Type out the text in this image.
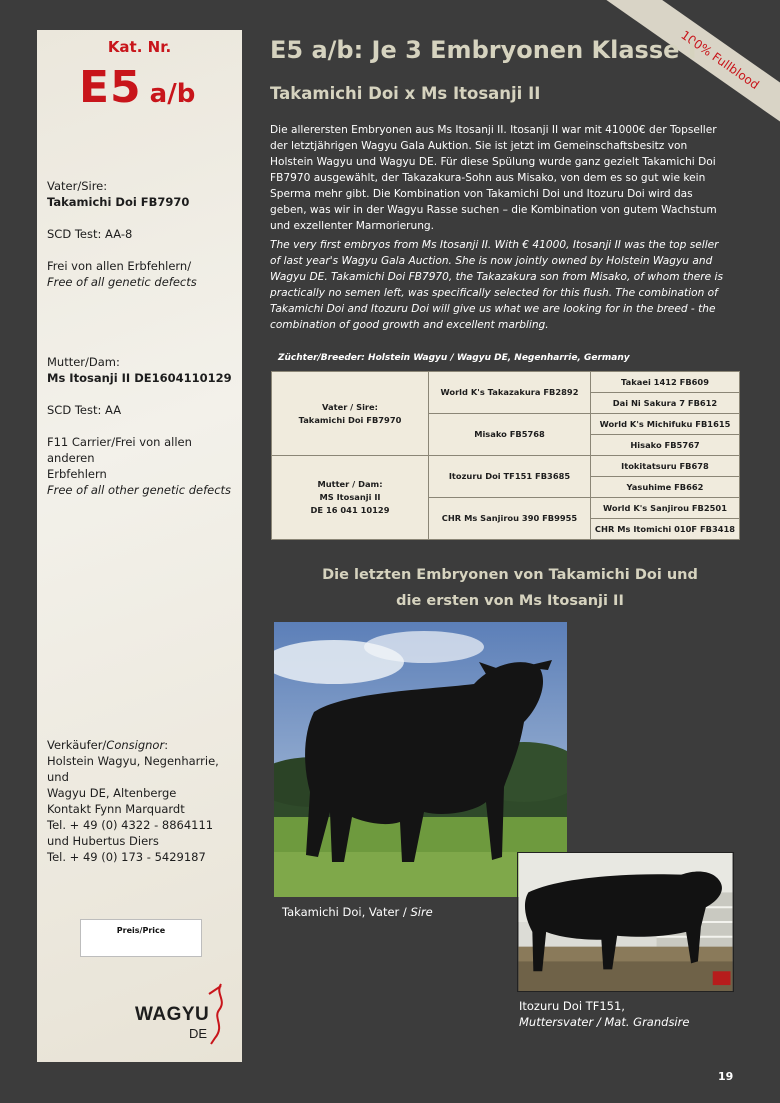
Kat. Nr.
E5 a/b
Vater/Sire:
Takamichi Doi FB7970
SCD Test: AA-8
Frei von allen Erbfehlern/
Free of all genetic defects
Mutter/Dam:
Ms Itosanji II DE1604110129
SCD Test: AA
F11 Carrier/Frei von allen anderen
Erbfehlern
Free of all other genetic defects
Verkäufer/Consignor:
Holstein Wagyu, Negenharrie, und
Wagyu DE, Altenberge
Kontakt Fynn Marquardt
Tel. + 49 (0) 4322 - 8864111
und Hubertus Diers
Tel. + 49 (0) 173 - 5429187
Preis/Price
WAGYU
DE
100% Fullblood
E5 a/b: Je 3 Embryonen Klasse I
Takamichi Doi x Ms Itosanji II
Die allerersten Embryonen aus Ms Itosanji II. Itosanji II war mit 41000€ der Topseller der letztjährigen Wagyu Gala Auktion. Sie ist jetzt im Gemeinschaftsbesitz von Holstein Wagyu und Wagyu DE. Für diese Spülung wurde ganz gezielt Takamichi Doi FB7970 ausgewählt, der Takazakura-Sohn aus Misako, von dem es so gut wie kein Sperma mehr gibt. Die Kombination von Takamichi Doi und Itozuru Doi wird das geben, was wir in der Wagyu Rasse suchen – die Kombination von gutem Wachstum und exzellenter Marmorierung.
The very first embryos from Ms Itosanji II. With € 41000, Itosanji II was the top seller of last year's Wagyu Gala Auction. She is now jointly owned by Holstein Wagyu and Wagyu DE. Takamichi Doi FB7970, the Takazakura son from Misako, of whom there is practically no semen left, was specifically selected for this flush. The combination of Takamichi Doi and Itozuru Doi will give us what we are looking for in the breed - the combination of good growth and excellent marbling.
Züchter/Breeder: Holstein Wagyu / Wagyu DE, Negenharrie, Germany
Vater / Sire:
Takamichi Doi FB7970	World K's Takazakura FB2892	Takaei 1412 FB609
		Dai Ni Sakura 7 FB612
	Misako FB5768	World K's Michifuku FB1615
		Hisako FB5767

Mutter / Dam:
MS Itosanji II
DE 16 041 10129	Itozuru Doi TF151 FB3685	Itokitatsuru FB678
		Yasuhime FB662
	CHR Ms Sanjirou 390 FB9955	World K's Sanjirou FB2501
		CHR Ms Itomichi 010F FB3418
Die letzten Embryonen von Takamichi Doi und
die ersten von Ms Itosanji II
Takamichi Doi, Vater / Sire
Itozuru Doi TF151,
Muttersvater / Mat. Grandsire
19
